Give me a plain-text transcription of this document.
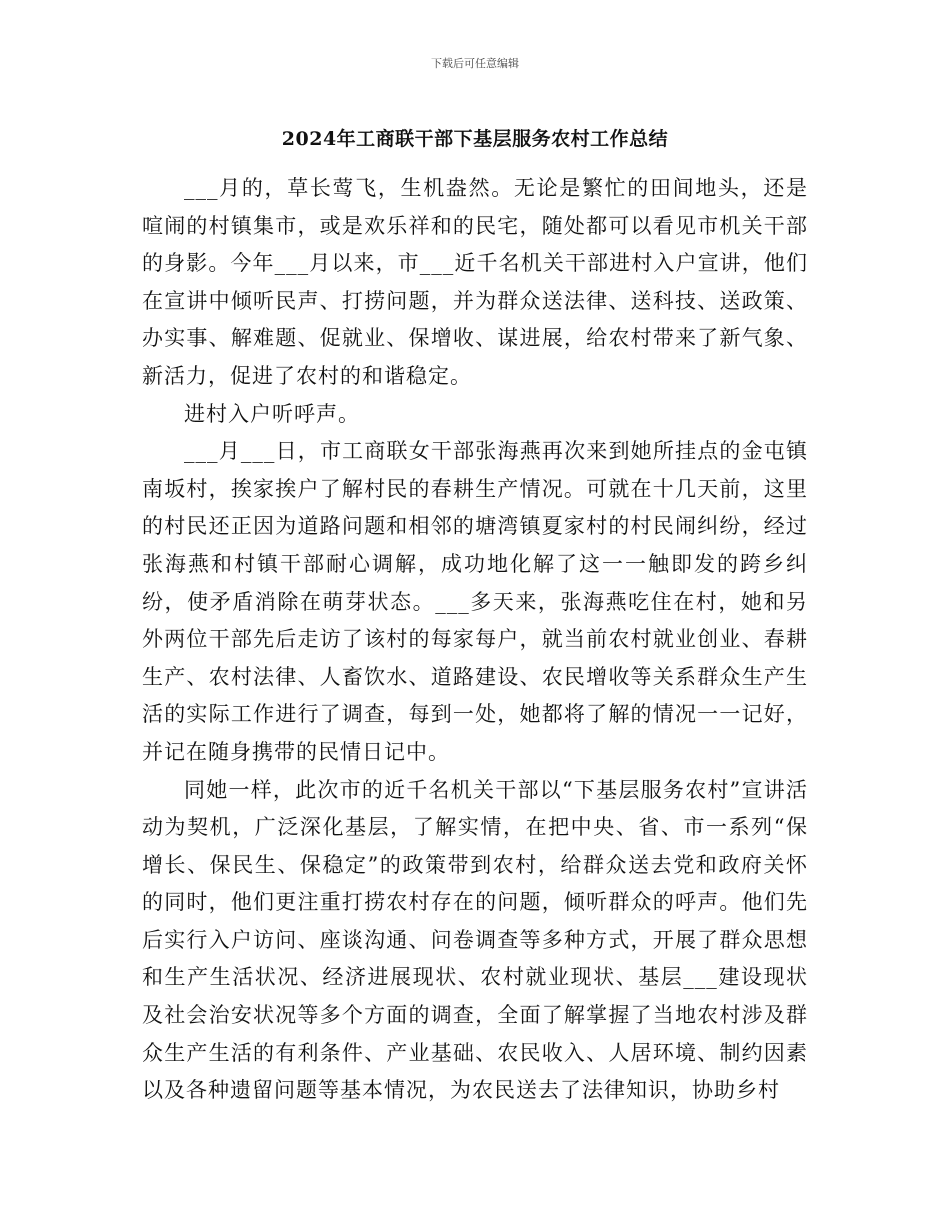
下载后可任意编辑
2024年工商联干部下基层服务农村工作总结

___月的，草长莺飞，生机盎然。无论是繁忙的田间地头，还是喧闹的村镇集市，或是欢乐祥和的民宅，随处都可以看见市机关干部的身影。今年___月以来，市___近千名机关干部进村入户宣讲，他们在宣讲中倾听民声、打捞问题，并为群众送法律、送科技、送政策、办实事、解难题、促就业、保增收、谋进展，给农村带来了新气象、新活力，促进了农村的和谐稳定。

进村入户听呼声。

___月___日，市工商联女干部张海燕再次来到她所挂点的金屯镇南坂村，挨家挨户了解村民的春耕生产情况。可就在十几天前，这里的村民还正因为道路问题和相邻的塘湾镇夏家村的村民闹纠纷，经过张海燕和村镇干部耐心调解，成功地化解了这一一触即发的跨乡纠纷，使矛盾消除在萌芽状态。___多天来，张海燕吃住在村，她和另外两位干部先后走访了该村的每家每户，就当前农村就业创业、春耕生产、农村法律、人畜饮水、道路建设、农民增收等关系群众生产生活的实际工作进行了调查，每到一处，她都将了解的情况一一记好，并记在随身携带的民情日记中。

同她一样，此次市的近千名机关干部以“下基层服务农村”宣讲活动为契机，广泛深化基层，了解实情，在把中央、省、市一系列“保增长、保民生、保稳定”的政策带到农村，给群众送去党和政府关怀的同时，他们更注重打捞农村存在的问题，倾听群众的呼声。他们先后实行入户访问、座谈沟通、问卷调查等多种方式，开展了群众思想和生产生活状况、经济进展现状、农村就业现状、基层___建设现状及社会治安状况等多个方面的调查，全面了解掌握了当地农村涉及群众生产生活的有利条件、产业基础、农民收入、人居环境、制约因素以及各种遗留问题等基本情况，为农民送去了法律知识，协助乡村
